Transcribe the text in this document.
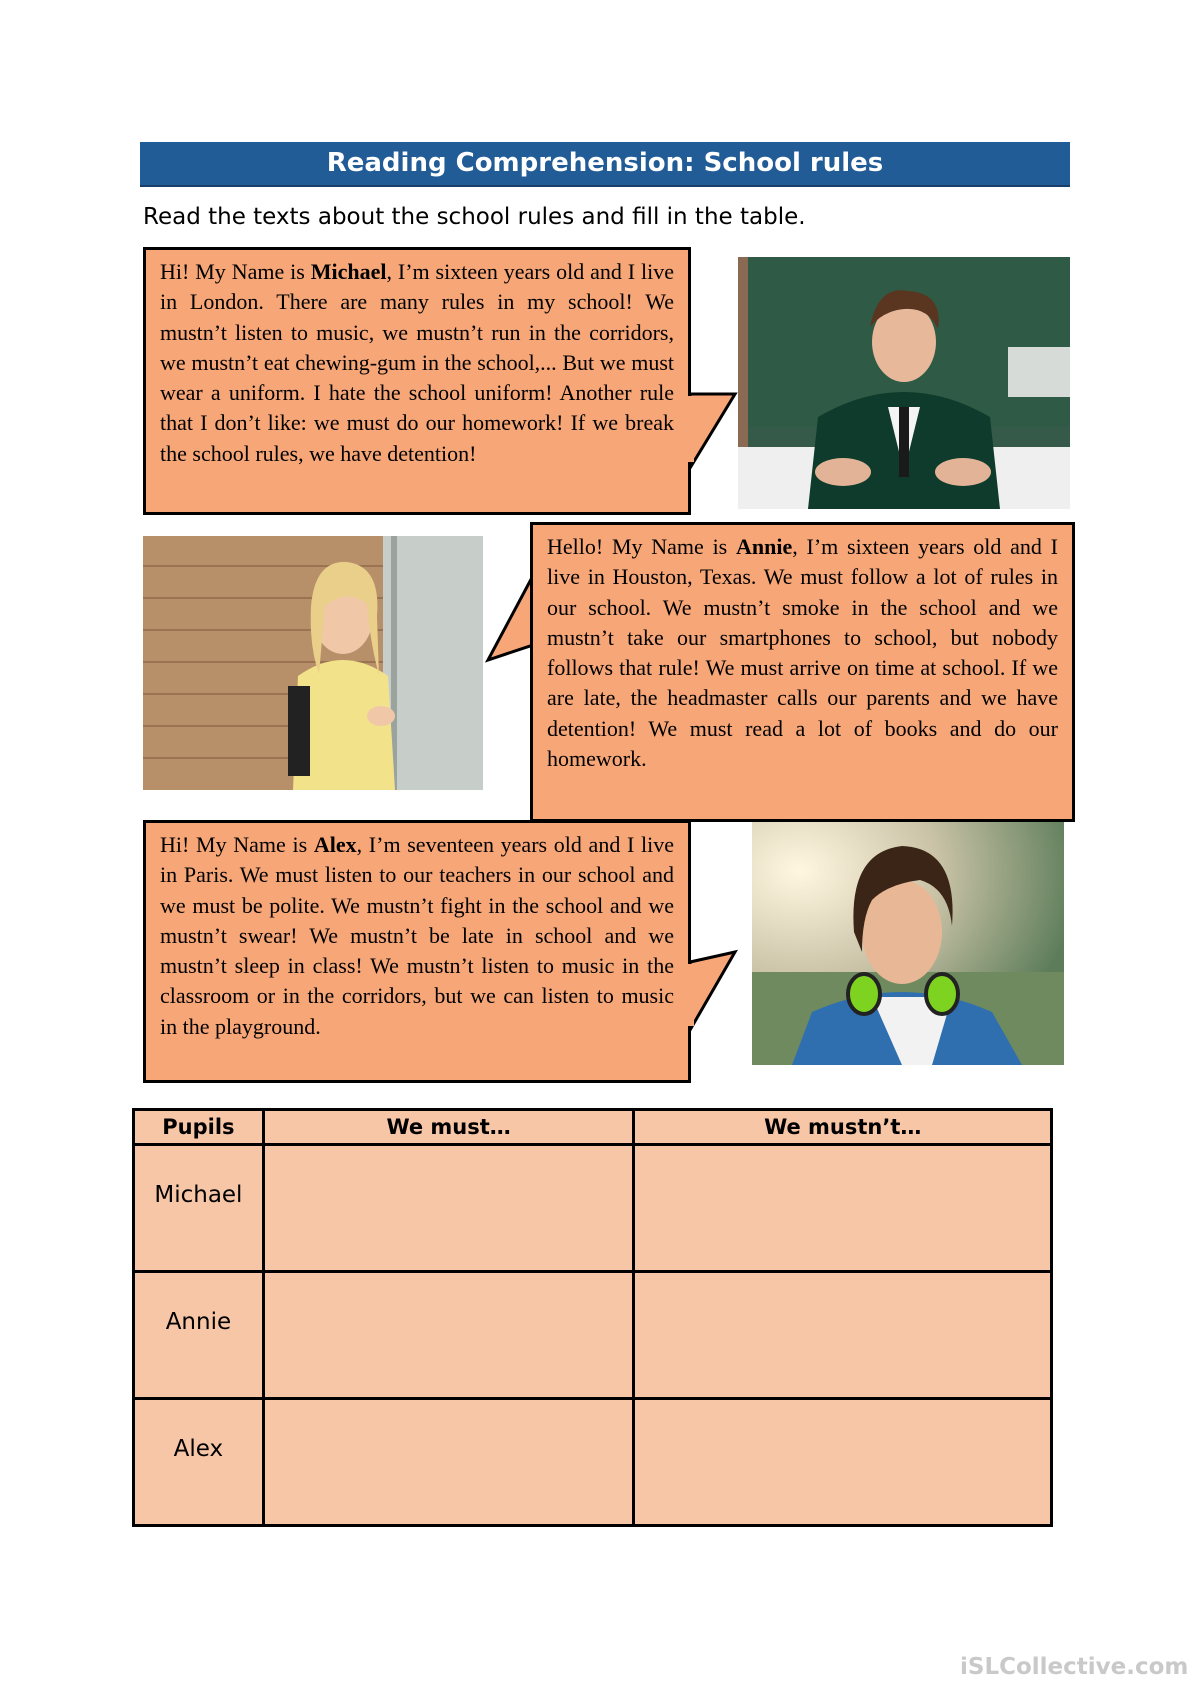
Reading Comprehension: School rules
Read the texts about the school rules and fill in the table.
Hi! My Name is Michael, I’m sixteen years old and I live in London. There are many rules in my school! We mustn’t listen to music, we mustn’t run in the corridors, we mustn’t eat chewing-gum in the school,... But we must wear a uniform. I hate the school uniform! Another rule that I don’t like: we must do our homework! If we break the school rules, we have detention!
Hello! My Name is Annie, I’m sixteen years old and I live in Houston, Texas. We must follow a lot of rules in our school. We mustn’t smoke in the school and we mustn’t take our smartphones to school, but nobody follows that rule! We must arrive on time at school. If we are late, the headmaster calls our parents and we have detention! We must read a lot of books and do our homework.
Hi! My Name is Alex, I’m seventeen years old and I live in Paris. We must listen to our teachers in our school and we must be polite. We mustn’t fight in the school and we mustn’t swear! We mustn’t be late in school and we mustn’t sleep in class! We mustn’t listen to music in the classroom or in the corridors, but we can listen to music in the playground.
Pupils	We must…	We mustn’t…
Michael		
Annie		
Alex		
iSLCollective.com
